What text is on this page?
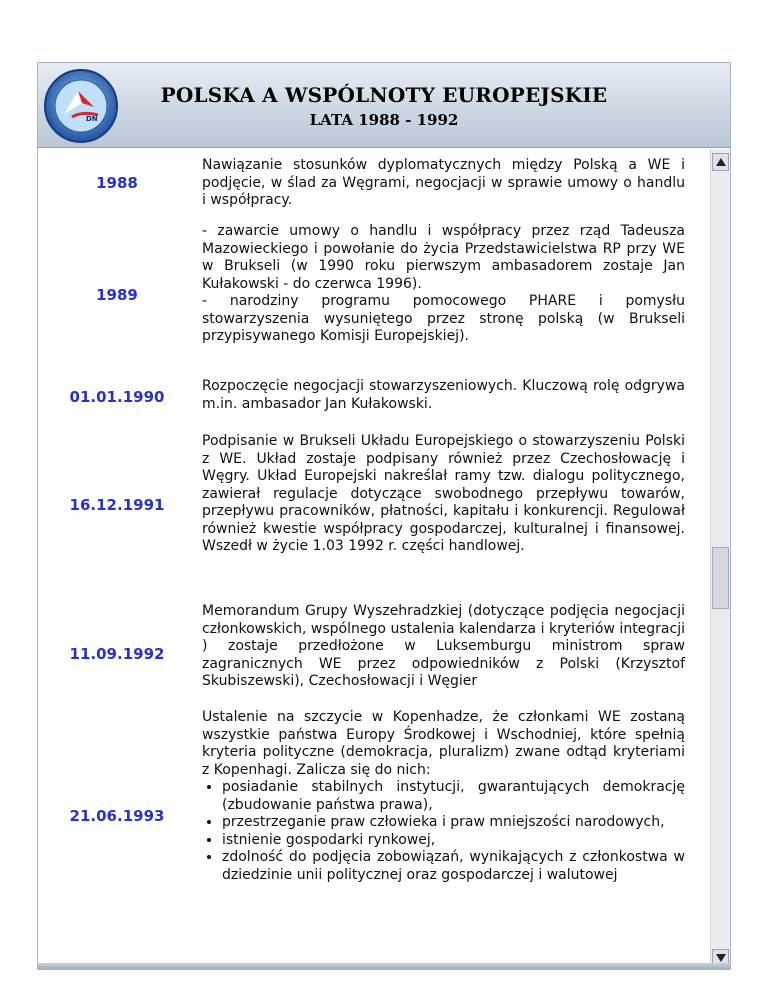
DN
POLSKA A WSPÓLNOTY EUROPEJSKIE
LATA 1988 - 1992
1988

Nawiązanie stosunków dyplomatycznych między Polską a WE i podjęcie, w ślad za Węgrami, negocjacji w sprawie umowy o handlu i współpracy.

1989

- zawarcie umowy o handlu i współpracy przez rząd Tadeusza Mazowieckiego i powołanie do życia Przedstawicielstwa RP przy WE w Brukseli (w 1990 roku pierwszym ambasadorem zostaje Jan Kułakowski - do czerwca 1996).

- narodziny programu pomocowego PHARE i pomysłu stowarzyszenia wysuniętego przez stronę polską (w Brukseli przypisywanego Komisji Europejskiej).

01.01.1990

Rozpoczęcie negocjacji stowarzyszeniowych. Kluczową rolę odgrywa m.in. ambasador Jan Kułakowski.

16.12.1991

Podpisanie w Brukseli Układu Europejskiego o stowarzyszeniu Polski z WE. Układ zostaje podpisany również przez Czechosłowację i Węgry. Układ Europejski nakreślał ramy tzw. dialogu politycznego, zawierał regulacje dotyczące swobodnego przepływu towarów, przepływu pracowników, płatności, kapitału i konkurencji. Regulował również kwestie współpracy gospodarczej, kulturalnej i finansowej. Wszedł w życie 1.03 1992 r. części handlowej.

11.09.1992

Memorandum Grupy Wyszehradzkiej (dotyczące podjęcia negocjacji członkowskich, wspólnego ustalenia kalendarza i kryteriów integracji ) zostaje przedłożone w Luksemburgu ministrom spraw zagranicznych WE przez odpowiedników z Polski (Krzysztof Skubiszewski), Czechosłowacji i Węgier

21.06.1993

Ustalenie na szczycie w Kopenhadze, że członkami WE zostaną wszystkie państwa Europy Środkowej i Wschodniej, które spełnią kryteria polityczne (demokracja, pluralizm) zwane odtąd kryteriami z Kopenhagi. Zalicza się do nich:

• posiadanie stabilnych instytucji, gwarantujących demokrację (zbudowanie państwa prawa),
• przestrzeganie praw człowieka i praw mniejszości narodowych,
• istnienie gospodarki rynkowej,
• zdolność do podjęcia zobowiązań, wynikających z członkostwa w dziedzinie unii politycznej oraz gospodarczej i walutowej
